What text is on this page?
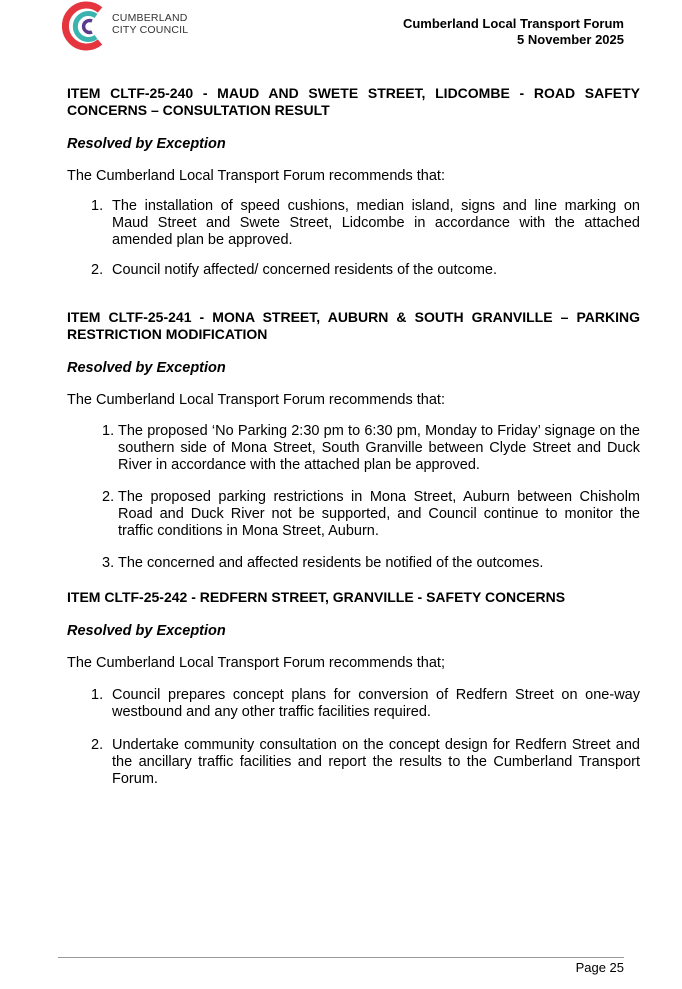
CUMBERLAND
CITY COUNCIL	Cumberland Local Transport Forum
5 November 2025

ITEM CLTF-25-240 - MAUD AND SWETE STREET, LIDCOMBE - ROAD SAFETY CONCERNS – CONSULTATION RESULT

Resolved by Exception

The Cumberland Local Transport Forum recommends that:

1. The installation of speed cushions, median island, signs and line marking on Maud Street and Swete Street, Lidcombe in accordance with the attached amended plan be approved.
2. Council notify affected/ concerned residents of the outcome.

ITEM CLTF-25-241 - MONA STREET, AUBURN & SOUTH GRANVILLE – PARKING RESTRICTION MODIFICATION

Resolved by Exception

The Cumberland Local Transport Forum recommends that:

1. The proposed ‘No Parking 2:30 pm to 6:30 pm, Monday to Friday’ signage on the southern side of Mona Street, South Granville between Clyde Street and Duck River in accordance with the attached plan be approved.
2. The proposed parking restrictions in Mona Street, Auburn between Chisholm Road and Duck River not be supported, and Council continue to monitor the traffic conditions in Mona Street, Auburn.
3. The concerned and affected residents be notified of the outcomes.

ITEM CLTF-25-242 - REDFERN STREET, GRANVILLE - SAFETY CONCERNS

Resolved by Exception

The Cumberland Local Transport Forum recommends that;

1. Council prepares concept plans for conversion of Redfern Street on one-way westbound and any other traffic facilities required.
2. Undertake community consultation on the concept design for Redfern Street and the ancillary traffic facilities and report the results to the Cumberland Transport Forum.
Page 25
